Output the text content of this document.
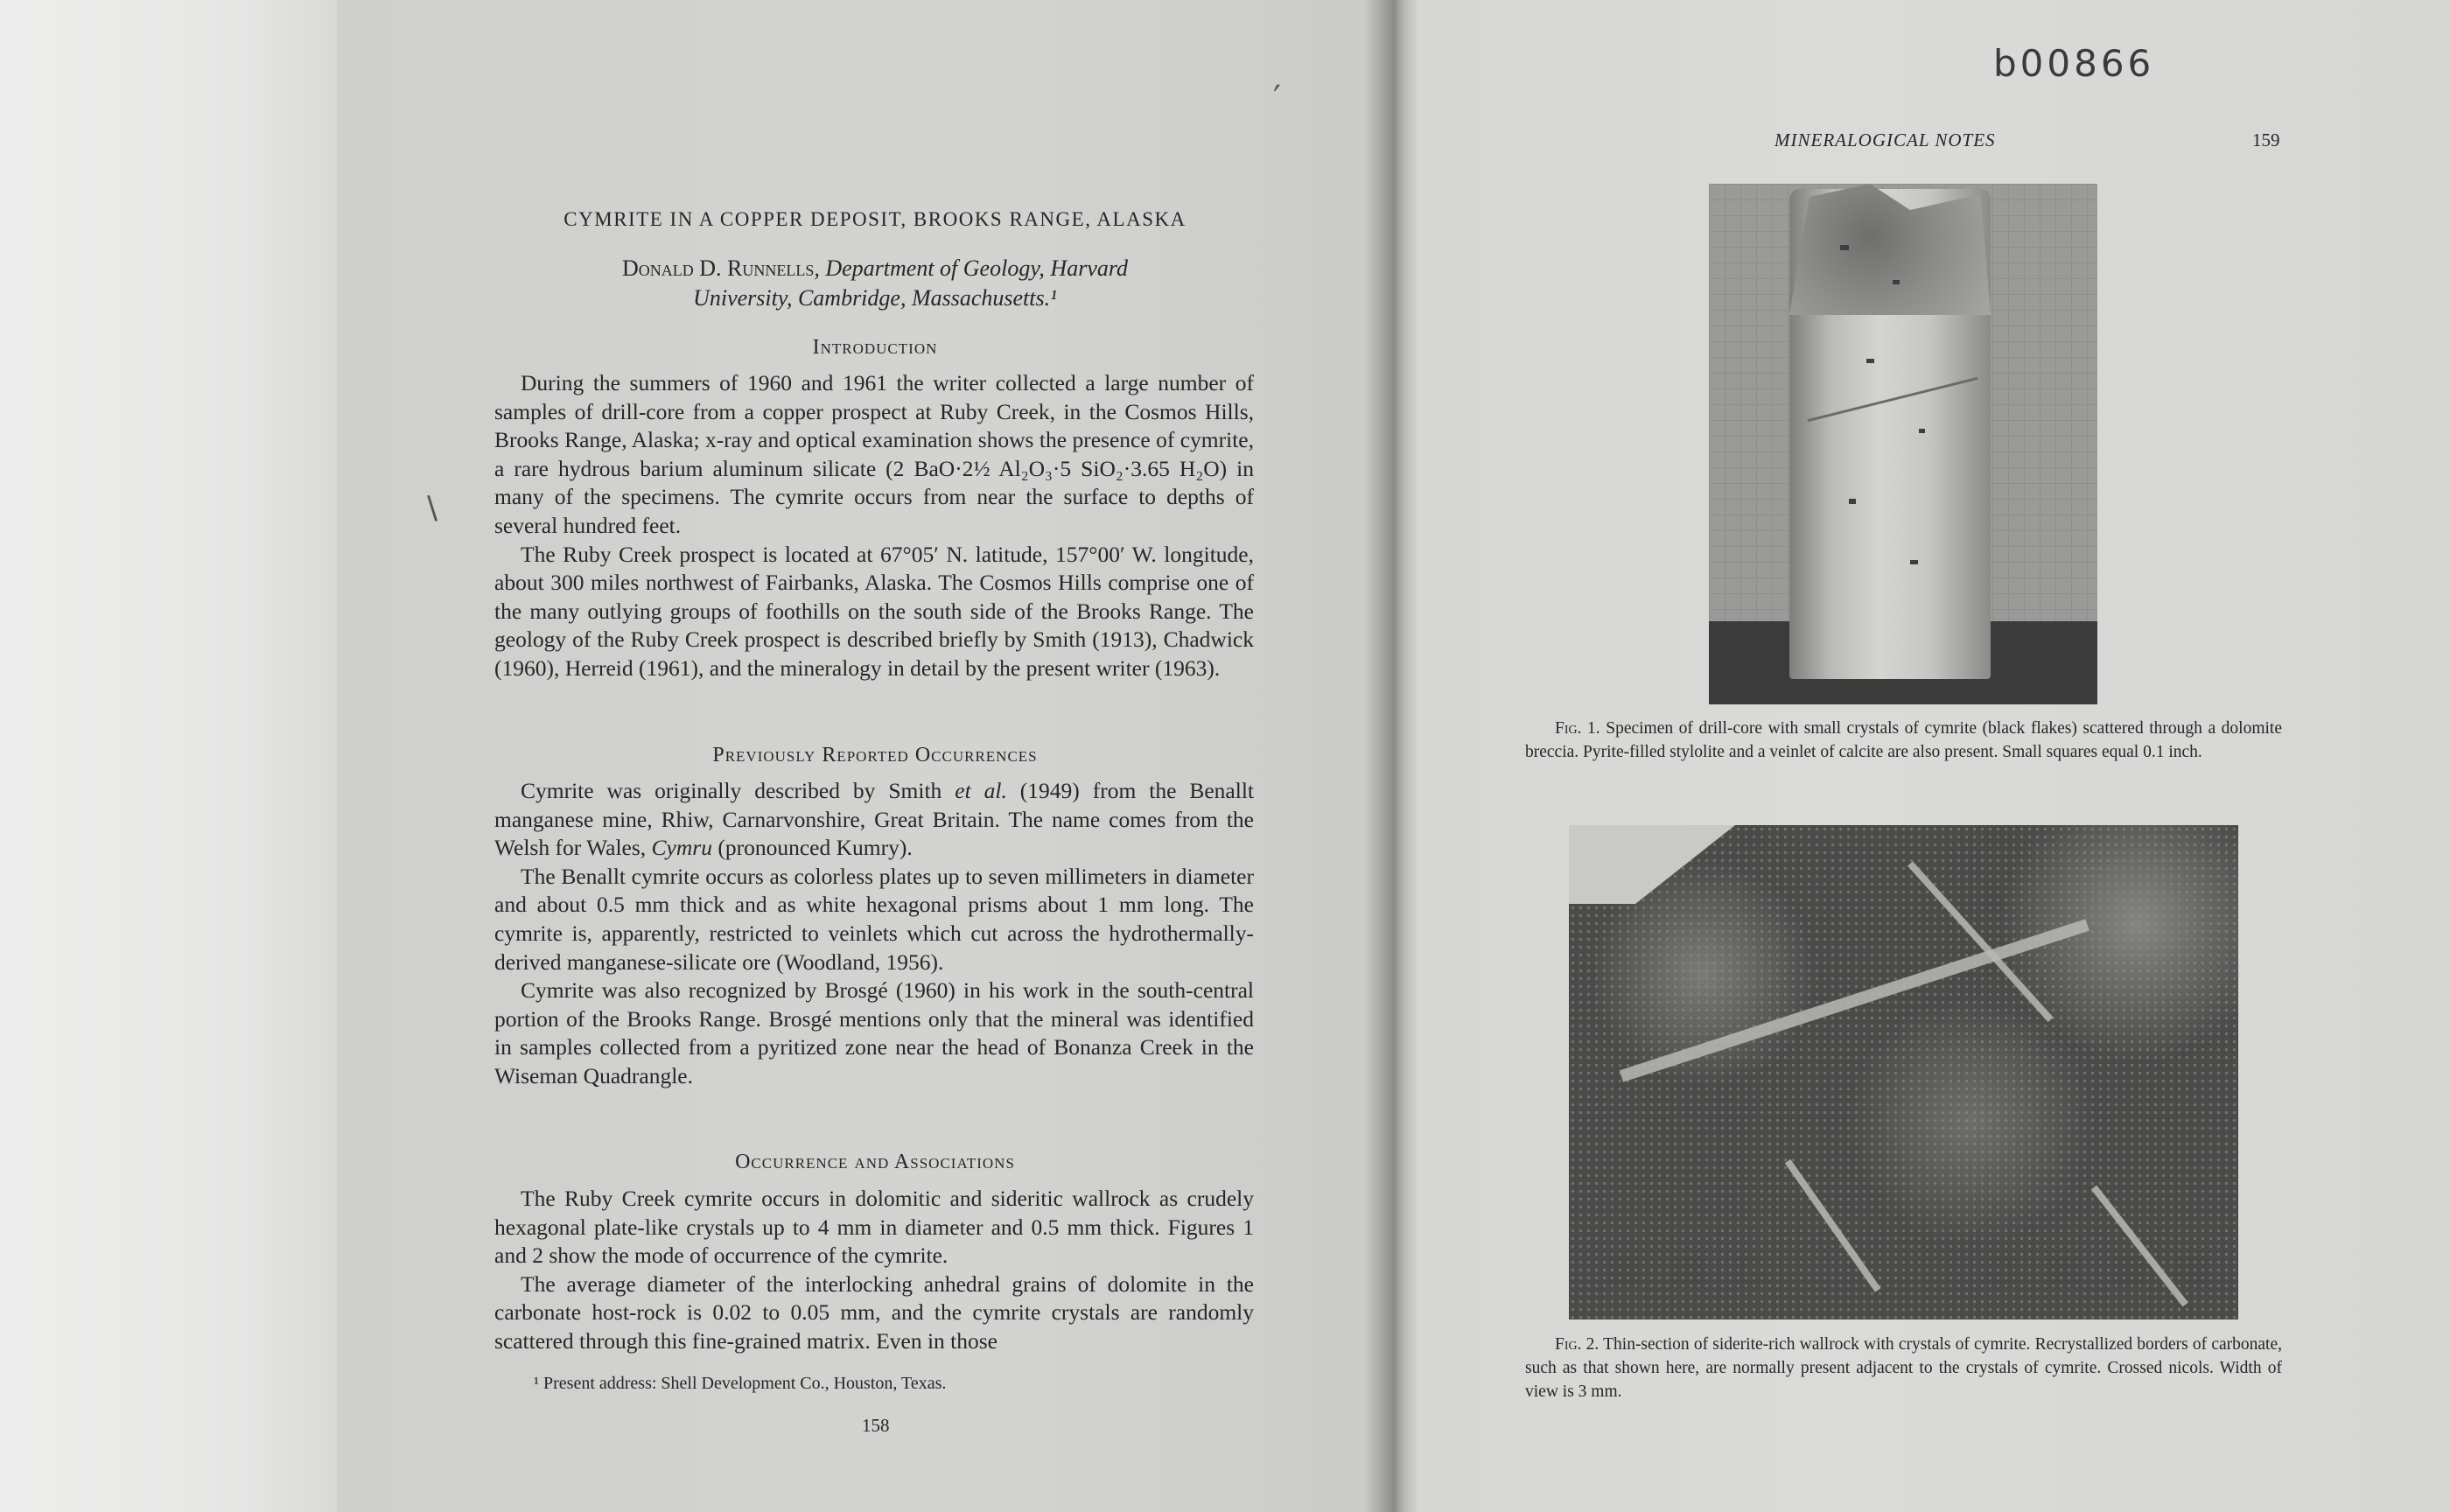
CYMRITE IN A COPPER DEPOSIT, BROOKS RANGE, ALASKA
Donald D. Runnells, Department of Geology, Harvard
University, Cambridge, Massachusetts.¹
Introduction

During the summers of 1960 and 1961 the writer collected a large number of samples of drill-core from a copper prospect at Ruby Creek, in the Cosmos Hills, Brooks Range, Alaska; x-ray and optical examination shows the presence of cymrite, a rare hydrous barium aluminum silicate (2 BaO·2½ Al₂O₃·5 SiO₂·3.65 H₂O) in many of the specimens. The cymrite occurs from near the surface to depths of several hundred feet.

The Ruby Creek prospect is located at 67°05′ N. latitude, 157°00′ W. longitude, about 300 miles northwest of Fairbanks, Alaska. The Cosmos Hills comprise one of the many outlying groups of foothills on the south side of the Brooks Range. The geology of the Ruby Creek prospect is described briefly by Smith (1913), Chadwick (1960), Herreid (1961), and the mineralogy in detail by the present writer (1963).

Previously Reported Occurrences

Cymrite was originally described by Smith et al. (1949) from the Benallt manganese mine, Rhiw, Carnarvonshire, Great Britain. The name comes from the Welsh for Wales, Cymru (pronounced Kumry).

The Benallt cymrite occurs as colorless plates up to seven millimeters in diameter and about 0.5 mm thick and as white hexagonal prisms about 1 mm long. The cymrite is, apparently, restricted to veinlets which cut across the hydrothermally-derived manganese-silicate ore (Woodland, 1956).

Cymrite was also recognized by Brosgé (1960) in his work in the south-central portion of the Brooks Range. Brosgé mentions only that the mineral was identified in samples collected from a pyritized zone near the head of Bonanza Creek in the Wiseman Quadrangle.

Occurrence and Associations

The Ruby Creek cymrite occurs in dolomitic and sideritic wallrock as crudely hexagonal plate-like crystals up to 4 mm in diameter and 0.5 mm thick. Figures 1 and 2 show the mode of occurrence of the cymrite.

The average diameter of the interlocking anhedral grains of dolomite in the carbonate host-rock is 0.02 to 0.05 mm, and the cymrite crystals are randomly scattered through this fine-grained matrix. Even in those

¹ Present address: Shell Development Co., Houston, Texas.
158
b00866
MINERALOGICAL NOTES	159

Fig. 1. Specimen of drill-core with small crystals of cymrite (black flakes) scattered through a dolomite breccia. Pyrite-filled stylolite and a veinlet of calcite are also present. Small squares equal 0.1 inch.

Fig. 2. Thin-section of siderite-rich wallrock with crystals of cymrite. Recrystallized borders of carbonate, such as that shown here, are normally present adjacent to the crystals of cymrite. Crossed nicols. Width of view is 3 mm.

′
\
